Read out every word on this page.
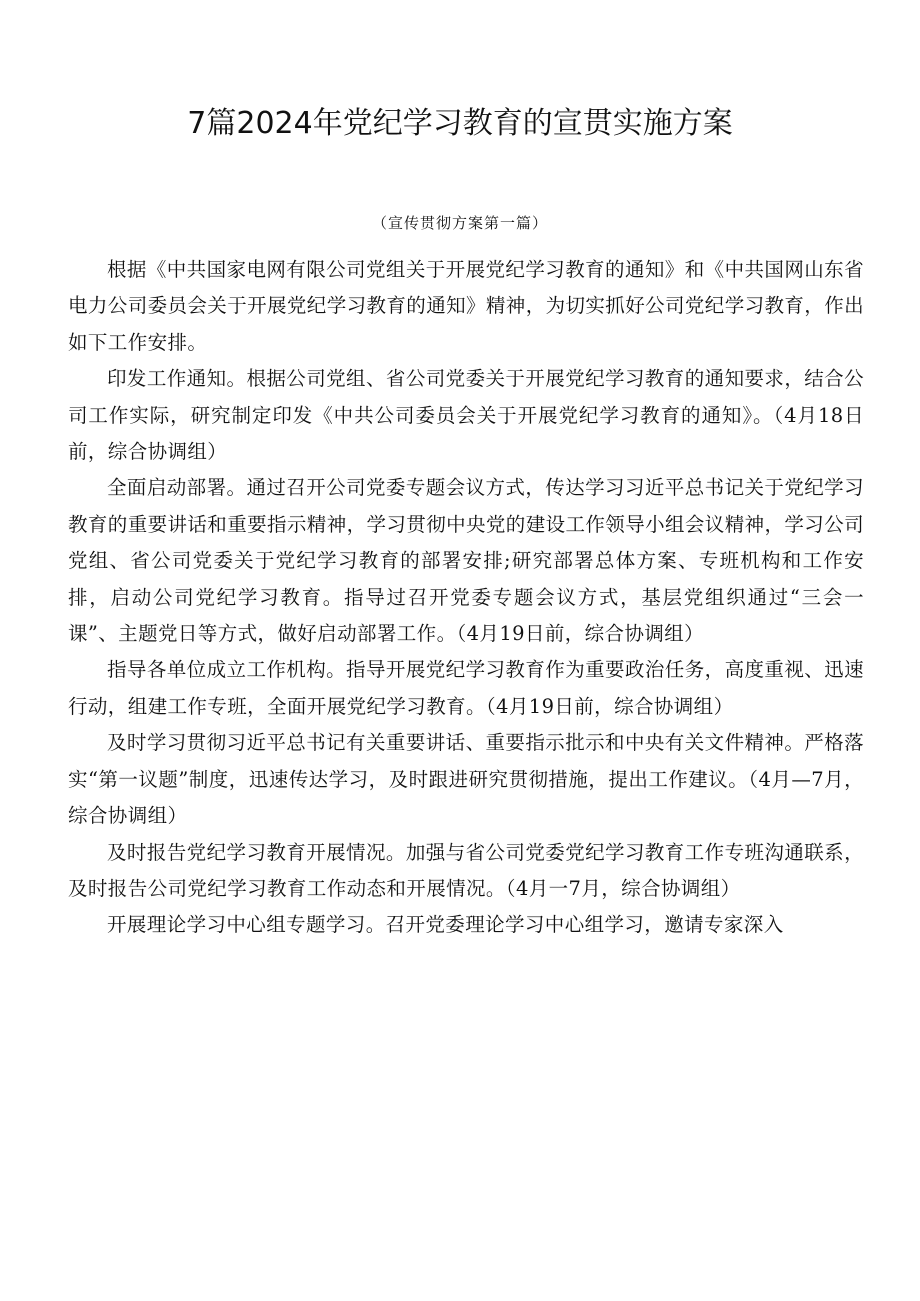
7篇2024年党纪学习教育的宣贯实施方案
（宣传贯彻方案第一篇）

根据《中共国家电网有限公司党组关于开展党纪学习教育的通知》和《中共国网山东省电力公司委员会关于开展党纪学习教育的通知》精神，为切实抓好公司党纪学习教育，作出如下工作安排。

印发工作通知。根据公司党组、省公司党委关于开展党纪学习教育的通知要求，结合公司工作实际，研究制定印发《中共公司委员会关于开展党纪学习教育的通知》。（4月18日前，综合协调组）

全面启动部署。通过召开公司党委专题会议方式，传达学习习近平总书记关于党纪学习教育的重要讲话和重要指示精神，学习贯彻中央党的建设工作领导小组会议精神，学习公司党组、省公司党委关于党纪学习教育的部署安排;研究部署总体方案、专班机构和工作安排，启动公司党纪学习教育。指导过召开党委专题会议方式，基层党组织通过“三会一课”、主题党日等方式，做好启动部署工作。（4月19日前，综合协调组）

指导各单位成立工作机构。指导开展党纪学习教育作为重要政治任务，高度重视、迅速行动，组建工作专班，全面开展党纪学习教育。（4月19日前，综合协调组）

及时学习贯彻习近平总书记有关重要讲话、重要指示批示和中央有关文件精神。严格落实“第一议题”制度，迅速传达学习，及时跟进研究贯彻措施，提出工作建议。（4月—7月，综合协调组）

及时报告党纪学习教育开展情况。加强与省公司党委党纪学习教育工作专班沟通联系，及时报告公司党纪学习教育工作动态和开展情况。（4月一7月，综合协调组）

开展理论学习中心组专题学习。召开党委理论学习中心组学习，邀请专家深入
